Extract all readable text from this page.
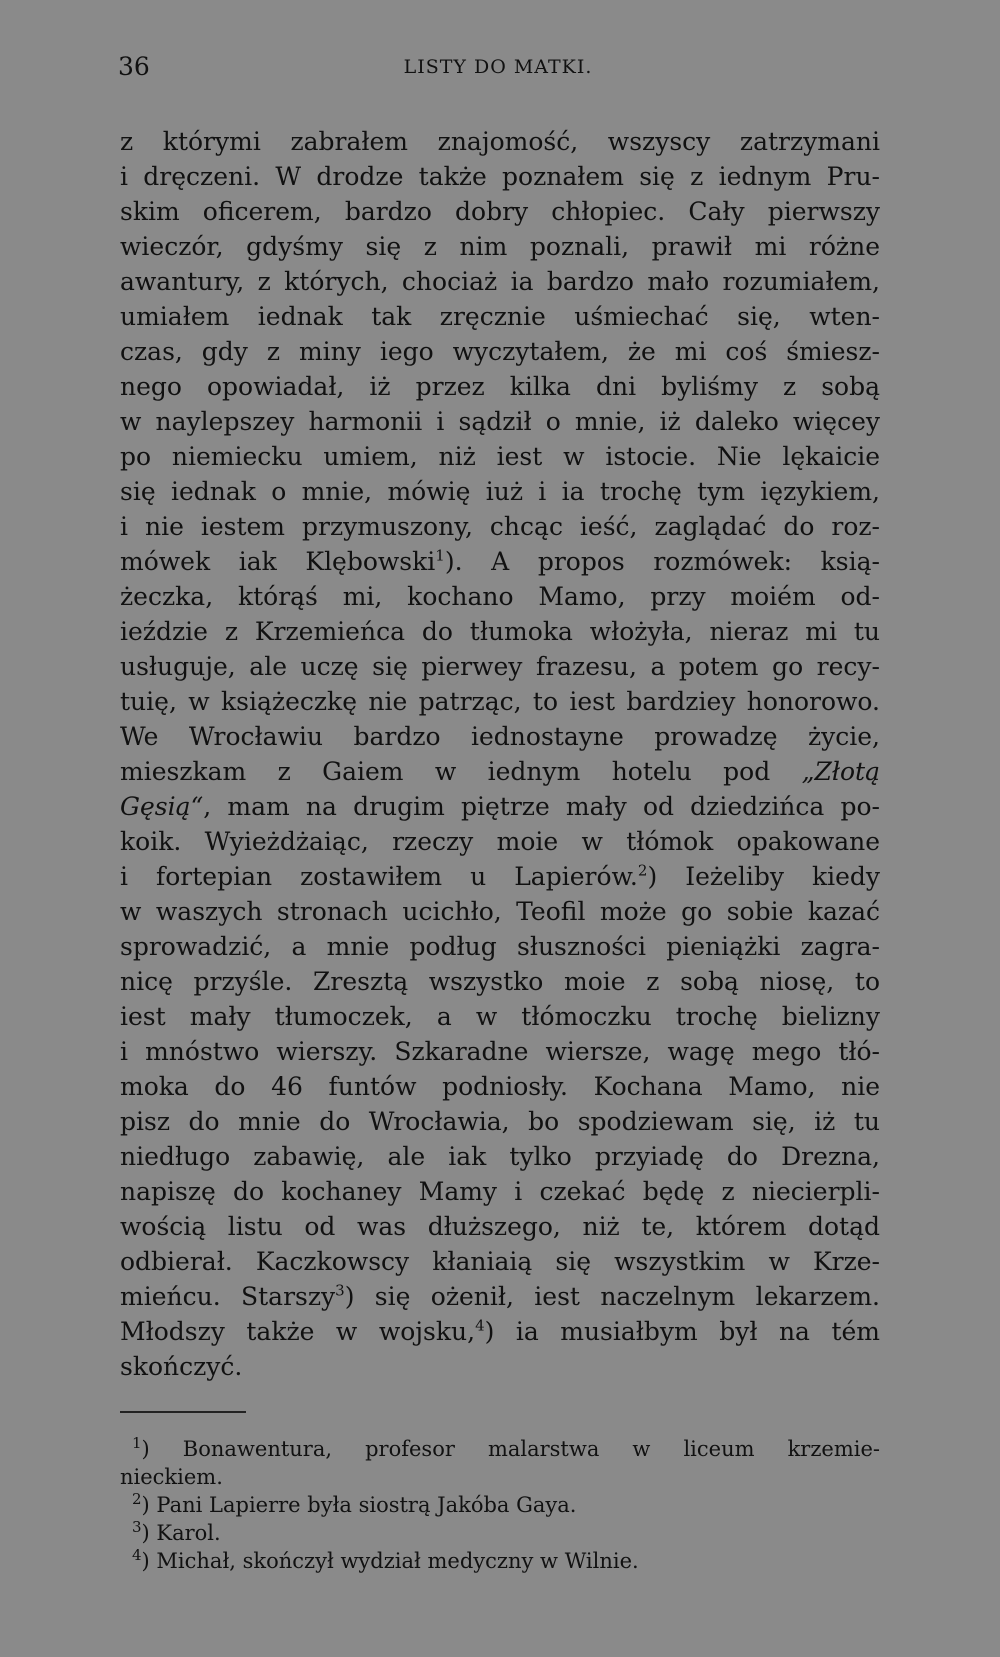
36	LISTY DO MATKI.
z którymi zabrałem znajomość, wszyscy zatrzymani
i dręczeni. W drodze także poznałem się z iednym Pru-
skim oficerem, bardzo dobry chłopiec. Cały pierwszy
wieczór, gdyśmy się z nim poznali, prawił mi różne
awantury, z których, chociaż ia bardzo mało rozumiałem,
umiałem iednak tak zręcznie uśmiechać się, wten-
czas, gdy z miny iego wyczytałem, że mi coś śmiesz-
nego opowiadał, iż przez kilka dni byliśmy z sobą
w naylepszey harmonii i sądził o mnie, iż daleko więcey
po niemiecku umiem, niż iest w istocie. Nie lękaicie
się iednak o mnie, mówię iuż i ia trochę tym ięzykiem,
i nie iestem przymuszony, chcąc ieść, zaglądać do roz-
mówek iak Klębowski$^1$). A propos rozmówek: ksią-
żeczka, którąś mi, kochano Mamo, przy moiém od-
ieździe z Krzemieńca do tłumoka włożyła, nieraz mi tu
usługuje, ale uczę się pierwey frazesu, a potem go recy-
tuię, w książeczkę nie patrząc, to iest bardziey honorowo.
We Wrocławiu bardzo iednostayne prowadzę życie,
mieszkam z Gaiem w iednym hotelu pod „Złotą
Gęsią“, mam na drugim piętrze mały od dziedzińca po-
koik. Wyieżdżaiąc, rzeczy moie w tłómok opakowane
i fortepian zostawiłem u Lapierów.$^2$) Ieżeliby kiedy
w waszych stronach ucichło, Teofil może go sobie kazać
sprowadzić, a mnie podług słuszności pieniążki zagra-
nicę przyśle. Zresztą wszystko moie z sobą niosę, to
iest mały tłumoczek, a w tłómoczku trochę bielizny
i mnóstwo wierszy. Szkaradne wiersze, wagę mego tłó-
moka do 46 funtów podniosły. Kochana Mamo, nie
pisz do mnie do Wrocławia, bo spodziewam się, iż tu
niedługo zabawię, ale iak tylko przyiadę do Drezna,
napiszę do kochaney Mamy i czekać będę z niecierpli-
wością listu od was dłuższego, niż te, którem dotąd
odbierał. Kaczkowscy kłaniaią się wszystkim w Krze-
mieńcu. Starszy$^3$) się ożenił, iest naczelnym lekarzem.
Młodszy także w wojsku,$^4$) ia musiałbym był na tém
skończyć.
$^1$) Bonawentura, profesor malarstwa w liceum krzemie-
nieckiem.
$^2$) Pani Lapierre była siostrą Jakóba Gaya.
$^3$) Karol.
$^4$) Michał, skończył wydział medyczny w Wilnie.
